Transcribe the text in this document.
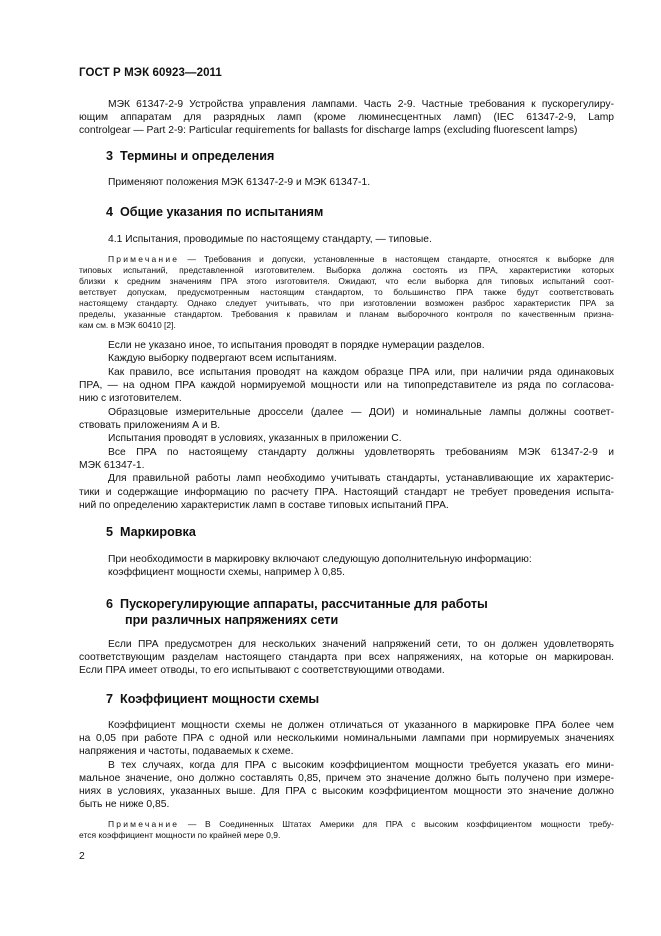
ГОСТ Р МЭК 60923—2011

МЭК 61347-2-9 Устройства управления лампами. Часть 2-9. Частные требования к пускорегулиру-

ющим аппаратам для разрядных ламп (кроме люминесцентных ламп) (IEC 61347-2-9, Lamp

controlgear — Part 2-9: Particular requirements for ballasts for discharge lamps (excluding fluorescent lamps)

3 Термины и определения

Применяют положения МЭК 61347-2-9 и МЭК 61347-1.

4 Общие указания по испытаниям

4.1 Испытания, проводимые по настоящему стандарту, — типовые.

Примечание — Требования и допуски, установленные в настоящем стандарте, относятся к выборке для

типовых испытаний, представленной изготовителем. Выборка должна состоять из ПРА, характеристики которых

близки к средним значениям ПРА этого изготовителя. Ожидают, что если выборка для типовых испытаний соот-

ветствует допускам, предусмотренным настоящим стандартом, то большинство ПРА также будут соответствовать

настоящему стандарту. Однако следует учитывать, что при изготовлении возможен разброс характеристик ПРА за

пределы, указанные стандартом. Требования к правилам и планам выборочного контроля по качественным призна-

кам см. в МЭК 60410 [2].

Если не указано иное, то испытания проводят в порядке нумерации разделов.

Каждую выборку подвергают всем испытаниям.

Как правило, все испытания проводят на каждом образце ПРА или, при наличии ряда одинаковых

ПРА, — на одном ПРА каждой нормируемой мощности или на типопредставителе из ряда по согласова-

нию с изготовителем.

Образцовые измерительные дроссели (далее — ДОИ) и номинальные лампы должны соответ-

ствовать приложениям А и В.

Испытания проводят в условиях, указанных в приложении С.

Все ПРА по настоящему стандарту должны удовлетворять требованиям МЭК 61347-2-9 и

МЭК 61347-1.

Для правильной работы ламп необходимо учитывать стандарты, устанавливающие их характерис-

тики и содержащие информацию по расчету ПРА. Настоящий стандарт не требует проведения испыта-

ний по определению характеристик ламп в составе типовых испытаний ПРА.

5 Маркировка

При необходимости в маркировку включают следующую дополнительную информацию:

коэффициент мощности схемы, например λ 0,85.

6 Пускорегулирующие аппараты, рассчитанные для работы
при различных напряжениях сети

Если ПРА предусмотрен для нескольких значений напряжений сети, то он должен удовлетворять

соответствующим разделам настоящего стандарта при всех напряжениях, на которые он маркирован.

Если ПРА имеет отводы, то его испытывают с соответствующими отводами.

7 Коэффициент мощности схемы

Коэффициент мощности схемы не должен отличаться от указанного в маркировке ПРА более чем

на 0,05 при работе ПРА с одной или несколькими номинальными лампами при нормируемых значениях

напряжения и частоты, подаваемых к схеме.

В тех случаях, когда для ПРА с высоким коэффициентом мощности требуется указать его мини-

мальное значение, оно должно составлять 0,85, причем это значение должно быть получено при измере-

ниях в условиях, указанных выше. Для ПРА с высоким коэффициентом мощности это значение должно

быть не ниже 0,85.

Примечание — В Соединенных Штатах Америки для ПРА с высоким коэффициентом мощности требу-

ется коэффициент мощности по крайней мере 0,9.

2
